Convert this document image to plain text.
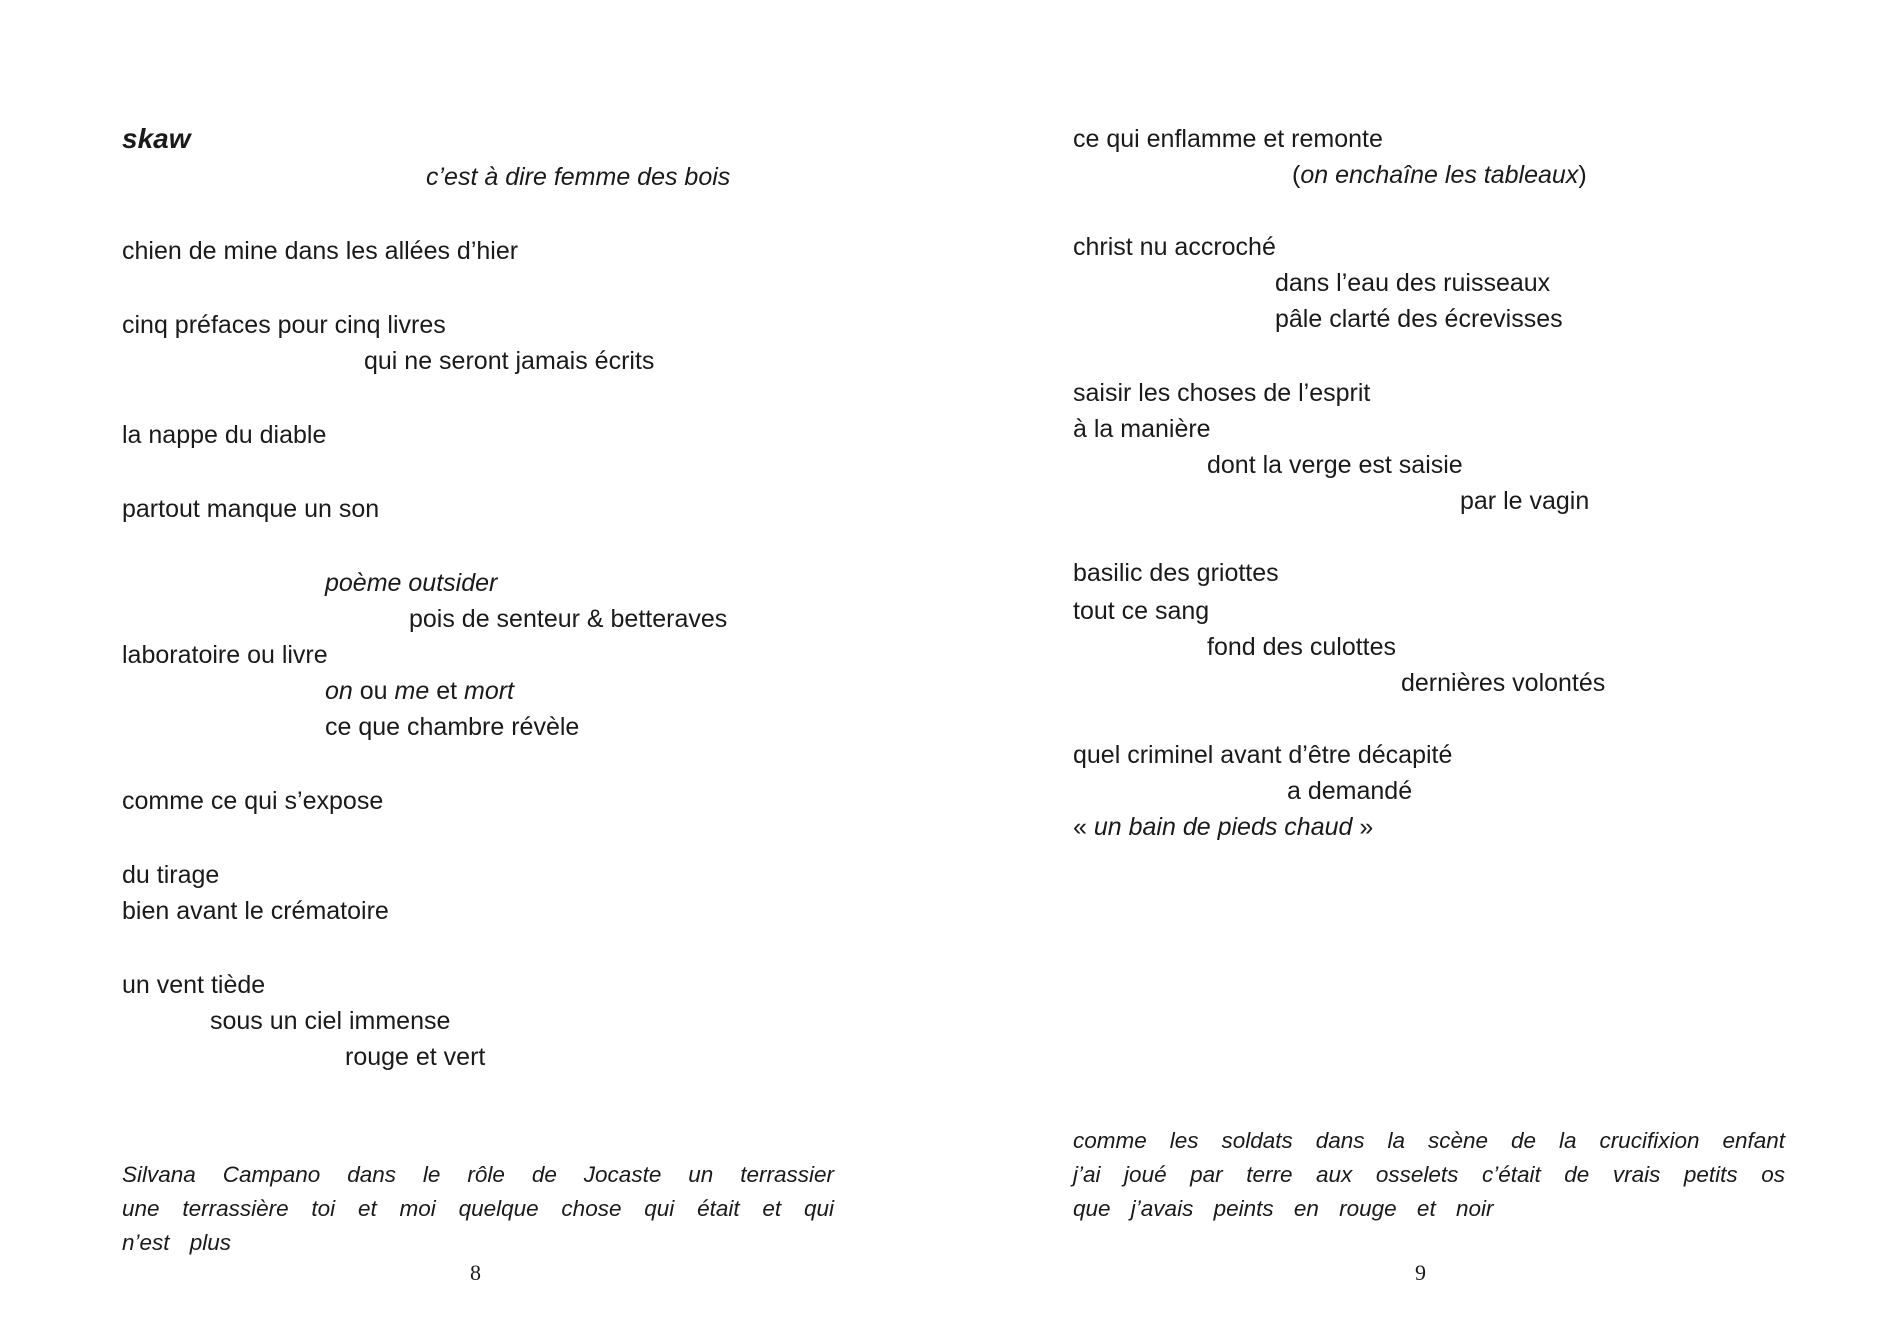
skaw
c’est à dire femme des bois
chien de mine dans les allées d’hier
cinq préfaces pour cinq livres
qui ne seront jamais écrits
la nappe du diable
partout manque un son
poème outsider
pois de senteur & betteraves
laboratoire ou livre
on ou me et mort
ce que chambre révèle
comme ce qui s’expose
du tirage
bien avant le crématoire
un vent tiède
sous un ciel immense
rouge et vert
Silvana Campano dans le rôle de Jocaste un terrassier une terrassière toi et moi quelque chose qui était et qui n’est plus
8
ce qui enflamme et remonte
(on enchaîne les tableaux)
christ nu accroché
dans l’eau des ruisseaux
pâle clarté des écrevisses
saisir les choses de l’esprit
à la manière
dont la verge est saisie
par le vagin
basilic des griottes
tout ce sang
fond des culottes
dernières volontés
quel criminel avant d’être décapité
a demandé
« un bain de pieds chaud »
comme les soldats dans la scène de la crucifixion enfant j’ai joué par terre aux osselets c’était de vrais petits os que j’avais peints en rouge et noir
9
